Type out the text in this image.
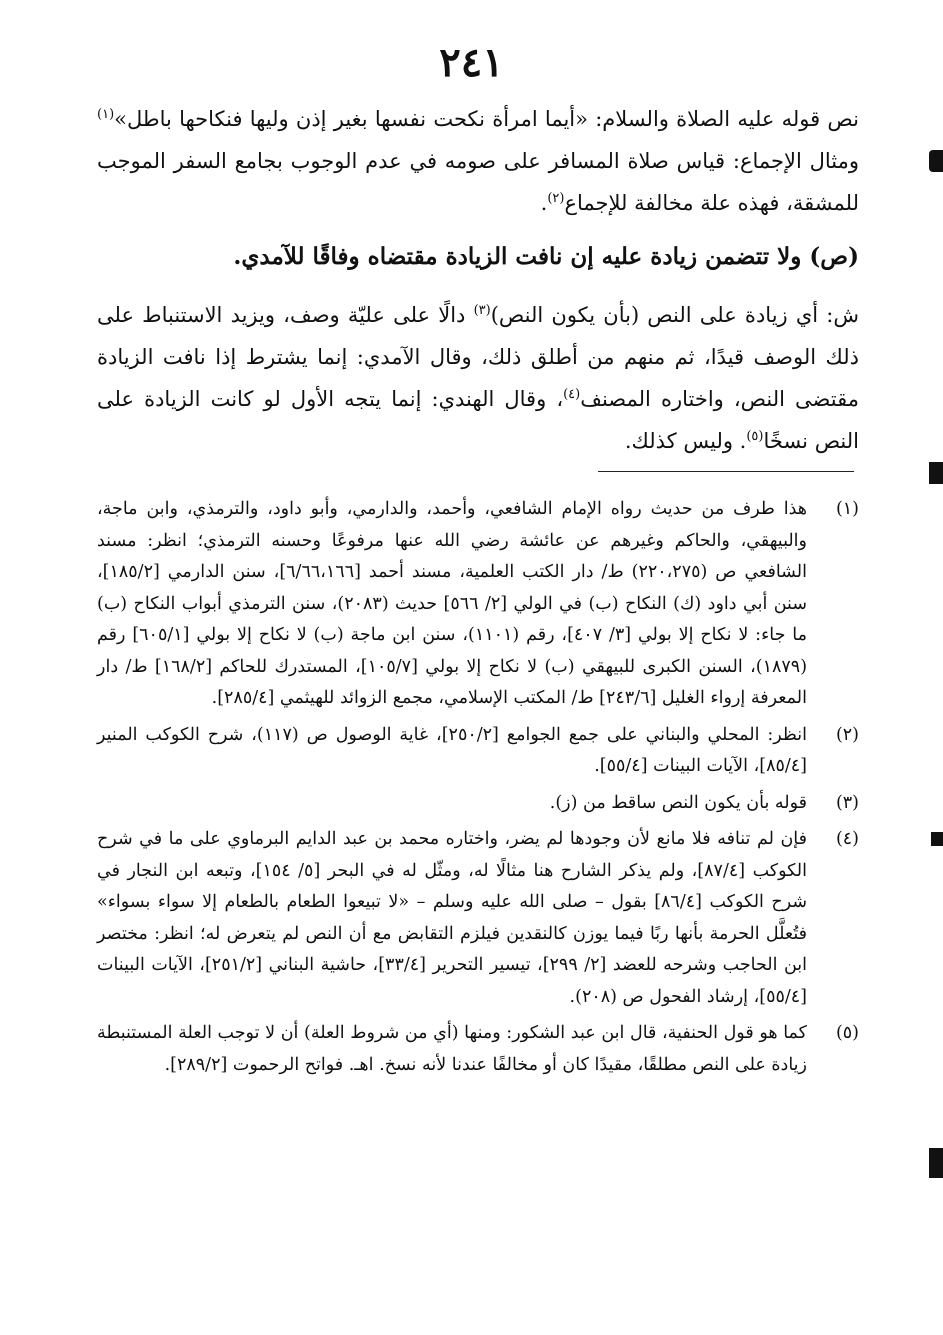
٢٤١
نص قوله عليه الصلاة والسلام: «أيما امرأة نكحت نفسها بغير إذن وليها فنكاحها باطل»$^{(١)}$ ومثال الإجماع: قياس صلاة المسافر على صومه في عدم الوجوب بجامع السفر الموجب للمشقة، فهذه علة مخالفة للإجماع$^{(٢)}$.
(ص) ولا تتضمن زيادة عليه إن نافت الزيادة مقتضاه وفاقًا للآمدي.
ش: أي زيادة على النص (بأن يكون النص)$^{(٣)}$ دالًا على عليّة وصف، ويزيد الاستنباط على ذلك الوصف قيدًا، ثم منهم من أطلق ذلك، وقال الآمدي: إنما يشترط إذا نافت الزيادة مقتضى النص، واختاره المصنف$^{(٤)}$، وقال الهندي: إنما يتجه الأول لو كانت الزيادة على النص نسخًا$^{(٥)}$. وليس كذلك.
(١)
هذا طرف من حديث رواه الإمام الشافعي، وأحمد، والدارمي، وأبو داود، والترمذي، وابن ماجة، والبيهقي، والحاكم وغيرهم عن عائشة رضي الله عنها مرفوعًا وحسنه الترمذي؛ انظر: مسند الشافعي ص (٢٢٠،٢٧٥) ط/ دار الكتب العلمية، مسند أحمد [٦/٦٦،١٦٦]، سنن الدارمي [١٨٥/٢]، سنن أبي داود (ك) النكاح (ب) في الولي [٢/ ٥٦٦] حديث (٢٠٨٣)، سنن الترمذي أبواب النكاح (ب) ما جاء: لا نكاح إلا بولي [٣/ ٤٠٧]، رقم (١١٠١)، سنن ابن ماجة (ب) لا نكاح إلا بولي [٦٠٥/١] رقم (١٨٧٩)، السنن الكبرى للبيهقي (ب) لا نكاح إلا بولي [١٠٥/٧]، المستدرك للحاكم [١٦٨/٢] ط/ دار المعرفة إرواء الغليل [٢٤٣/٦] ط/ المكتب الإسلامي، مجمع الزوائد للهيثمي [٢٨٥/٤].
(٢)
انظر: المحلي والبناني على جمع الجوامع [٢٥٠/٢]، غاية الوصول ص (١١٧)، شرح الكوكب المنير [٨٥/٤]، الآيات البينات [٥٥/٤].
(٣)
قوله بأن يكون النص ساقط من (ز).
(٤)
فإن لم تنافه فلا مانع لأن وجودها لم يضر، واختاره محمد بن عبد الدايم البرماوي على ما في شرح الكوكب [٨٧/٤]، ولم يذكر الشارح هنا مثالًا له، ومثّل له في البحر [٥/ ١٥٤]، وتبعه ابن النجار في شرح الكوكب [٨٦/٤] بقول – صلى الله عليه وسلم – «لا تبيعوا الطعام بالطعام إلا سواء بسواء» فتُعلَّل الحرمة بأنها ربًا فيما يوزن كالنقدين فيلزم التقابض مع أن النص لم يتعرض له؛ انظر: مختصر ابن الحاجب وشرحه للعضد [٢/ ٢٩٩]، تيسير التحرير [٣٣/٤]، حاشية البناني [٢٥١/٢]، الآيات البينات [٥٥/٤]، إرشاد الفحول ص (٢٠٨).
(٥)
كما هو قول الحنفية، قال ابن عبد الشكور: ومنها (أي من شروط العلة) أن لا توجب العلة المستنبطة زيادة على النص مطلقًا، مقيدًا كان أو مخالفًا عندنا لأنه نسخ. اهـ. فواتح الرحموت [٢٨٩/٢].
